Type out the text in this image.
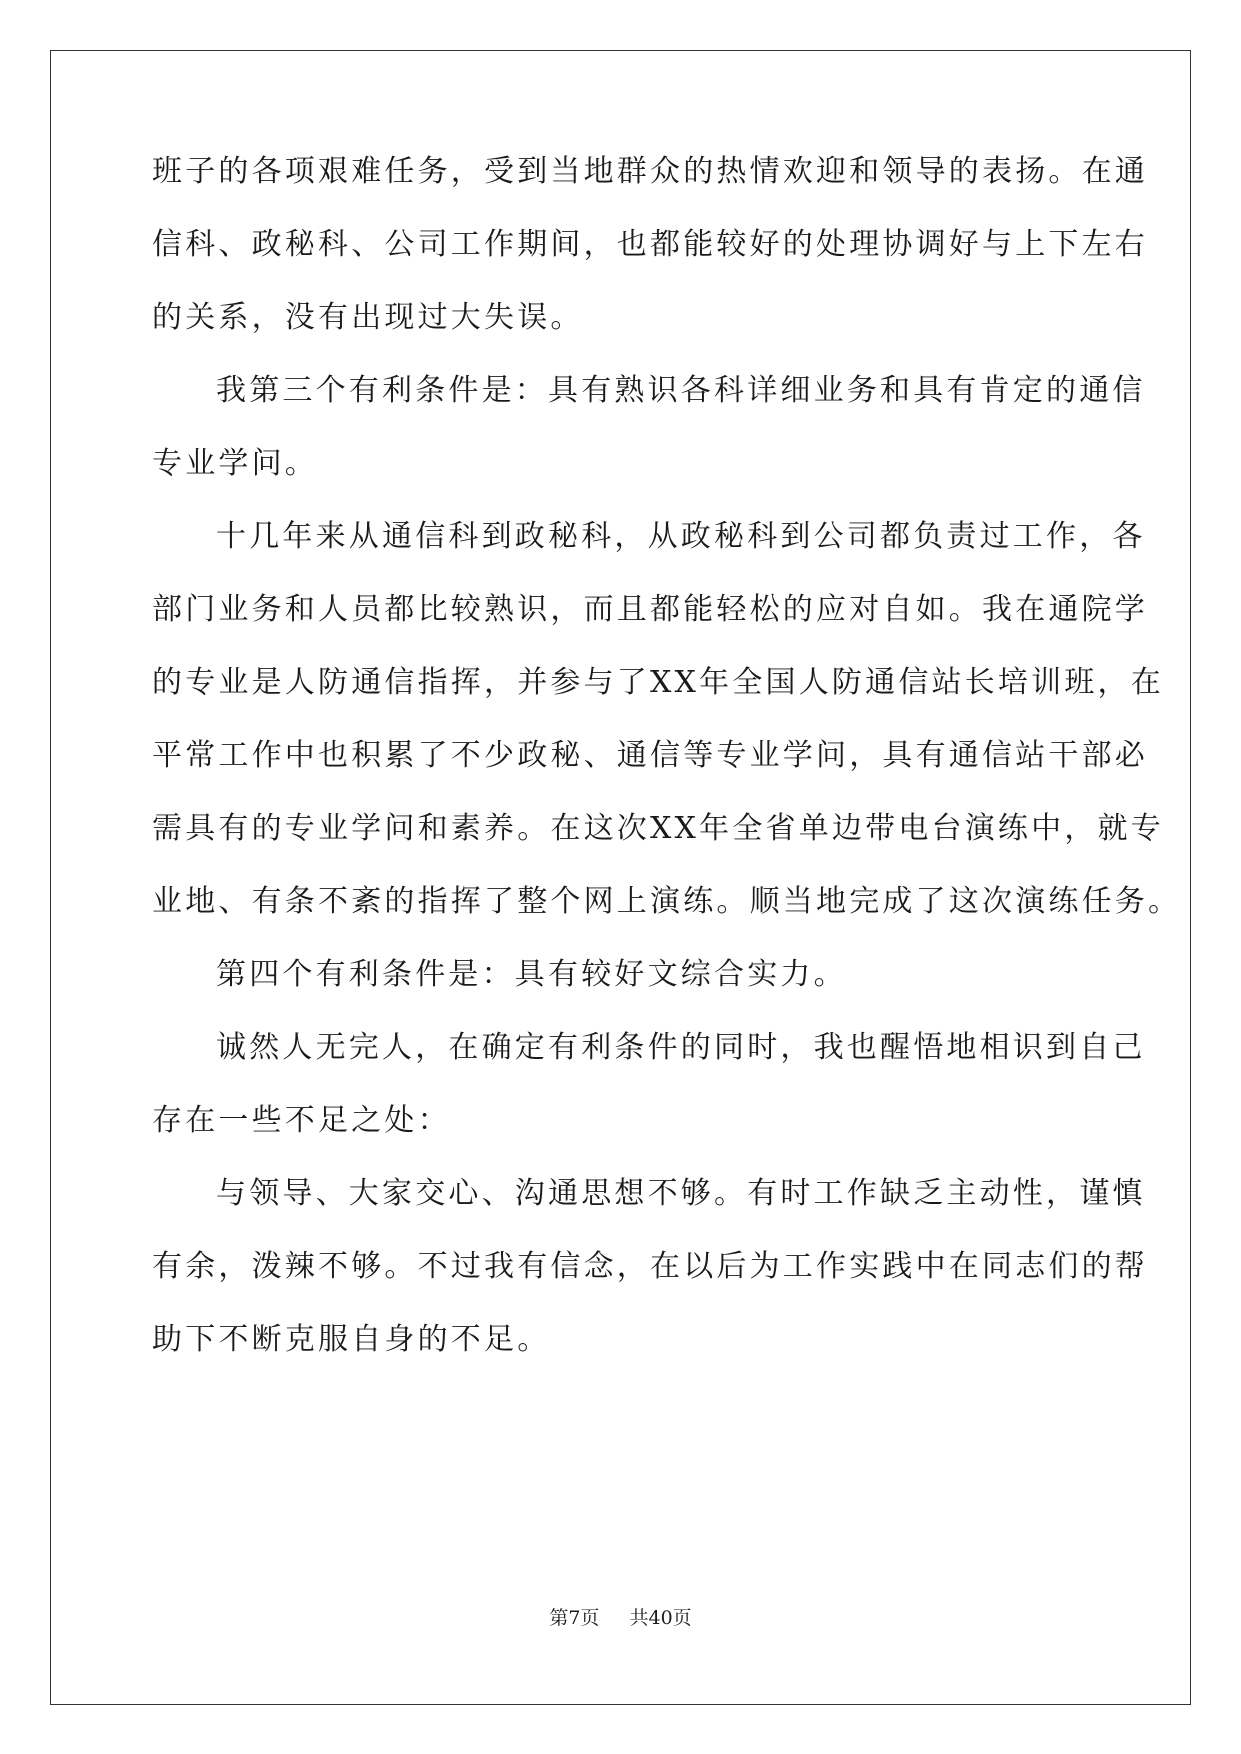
班子的各项艰难任务，受到当地群众的热情欢迎和领导的表扬。在通
信科、政秘科、公司工作期间，也都能较好的处理协调好与上下左右
的关系，没有出现过大失误。
我第三个有利条件是：具有熟识各科详细业务和具有肯定的通信
专业学问。
十几年来从通信科到政秘科，从政秘科到公司都负责过工作，各
部门业务和人员都比较熟识，而且都能轻松的应对自如。我在通院学
的专业是人防通信指挥，并参与了XX年全国人防通信站长培训班，在
平常工作中也积累了不少政秘、通信等专业学问，具有通信站干部必
需具有的专业学问和素养。在这次XX年全省单边带电台演练中，就专
业地、有条不紊的指挥了整个网上演练。顺当地完成了这次演练任务。
第四个有利条件是：具有较好文综合实力。
诚然人无完人，在确定有利条件的同时，我也醒悟地相识到自己
存在一些不足之处：
与领导、大家交心、沟通思想不够。有时工作缺乏主动性，谨慎
有余，泼辣不够。不过我有信念，在以后为工作实践中在同志们的帮
助下不断克服自身的不足。
第7页 共40页
